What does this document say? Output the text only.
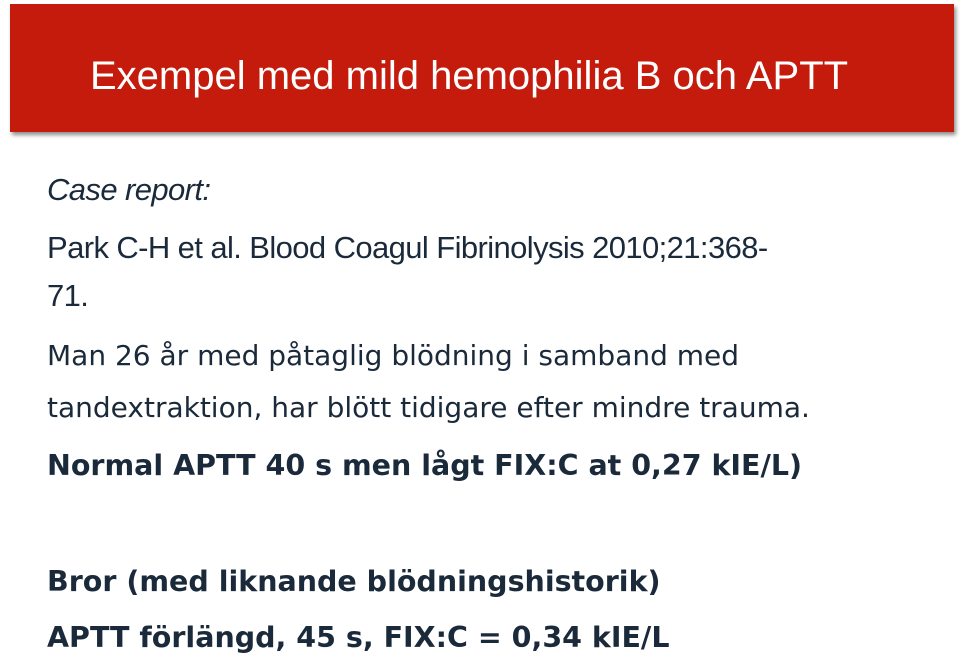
Exempel med mild hemophilia B och APTT
Case report:
Park C-H et al. Blood Coagul Fibrinolysis 2010;21:368-
71.
Man 26 år med påtaglig blödning i samband med
tandextraktion, har blött tidigare efter mindre trauma.
Normal APTT 40 s men lågt FIX:C at 0,27 kIE/L)
Bror (med liknande blödningshistorik)
APTT förlängd, 45 s, FIX:C = 0,34 kIE/L
